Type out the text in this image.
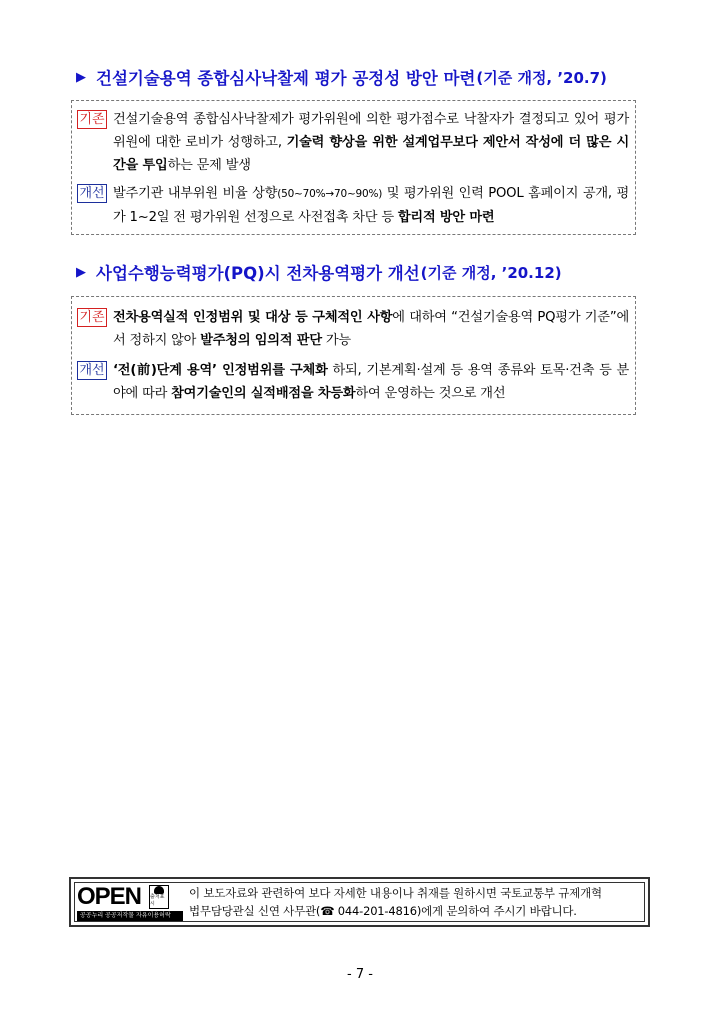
▶ 건설기술용역 종합심사낙찰제 평가 공정성 방안 마련 (기준 개정, ’20.7)
기존 건설기술용역 종합심사낙찰제가 평가위원에 의한 평가점수로 낙찰자가 결정되고 있어 평가위원에 대한 로비가 성행하고, 기술력 향상을 위한 설계업무보다 제안서 작성에 더 많은 시간을 투입하는 문제 발생
개선 발주기관 내부위원 비율 상향(50~70%→70~90%) 및 평가위원 인력 POOL 홈페이지 공개, 평가 1~2일 전 평가위원 선정으로 사전접촉 차단 등 합리적 방안 마련
▶ 사업수행능력평가(PQ)시 전차용역평가 개선 (기준 개정, ’20.12)
기존 전차용역실적 인정범위 및 대상 등 구체적인 사항에 대하여 “건설기술용역 PQ평가 기준”에서 정하지 않아 발주청의 임의적 판단 가능
개선 ‘전(前)단계 용역’ 인정범위를 구체화 하되, 기본계획·설계 등 용역 종류와 토목·건축 등 분야에 따라 참여기술인의 실적배점을 차등화하여 운영하는 것으로 개선
OPEN 출처표시
공공누리 공공저작물 자유이용허락
이 보도자료와 관련하여 보다 자세한 내용이나 취재를 원하시면 국토교통부 규제개혁
법무담당관실 신연 사무관(☎ 044-201-4816)에게 문의하여 주시기 바랍니다.
- 7 -
